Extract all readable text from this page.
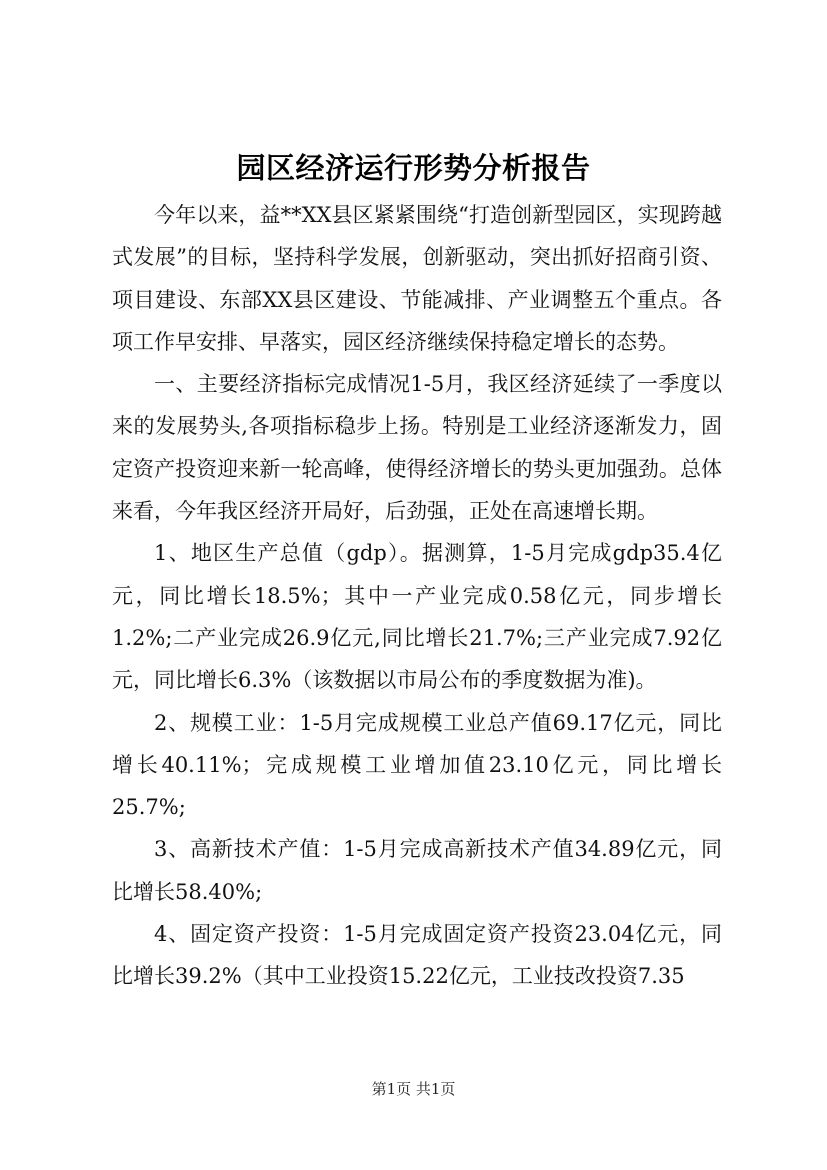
园区经济运行形势分析报告

今年以来，益**XX县区紧紧围绕“打造创新型园区，实现跨越式发展”的目标，坚持科学发展，创新驱动，突出抓好招商引资、项目建设、东部XX县区建设、节能减排、产业调整五个重点。各项工作早安排、早落实，园区经济继续保持稳定增长的态势。

一、主要经济指标完成情况1-5月，我区经济延续了一季度以来的发展势头,各项指标稳步上扬。特别是工业经济逐渐发力，固定资产投资迎来新一轮高峰，使得经济增长的势头更加强劲。总体来看，今年我区经济开局好，后劲强，正处在高速增长期。

1、地区生产总值（gdp）。据测算，1-5月完成gdp35.4亿元，同比增长18.5%；其中一产业完成0.58亿元，同步增长1.2%;二产业完成26.9亿元,同比增长21.7%;三产业完成7.92亿元，同比增长6.3%（该数据以市局公布的季度数据为准)。

2、规模工业：1-5月完成规模工业总产值69.17亿元，同比增长40.11%；完成规模工业增加值23.10亿元，同比增长25.7%;

3、高新技术产值：1-5月完成高新技术产值34.89亿元，同比增长58.40%;

4、固定资产投资：1-5月完成固定资产投资23.04亿元，同比增长39.2%（其中工业投资15.22亿元，工业技改投资7.35

第1页 共1页
